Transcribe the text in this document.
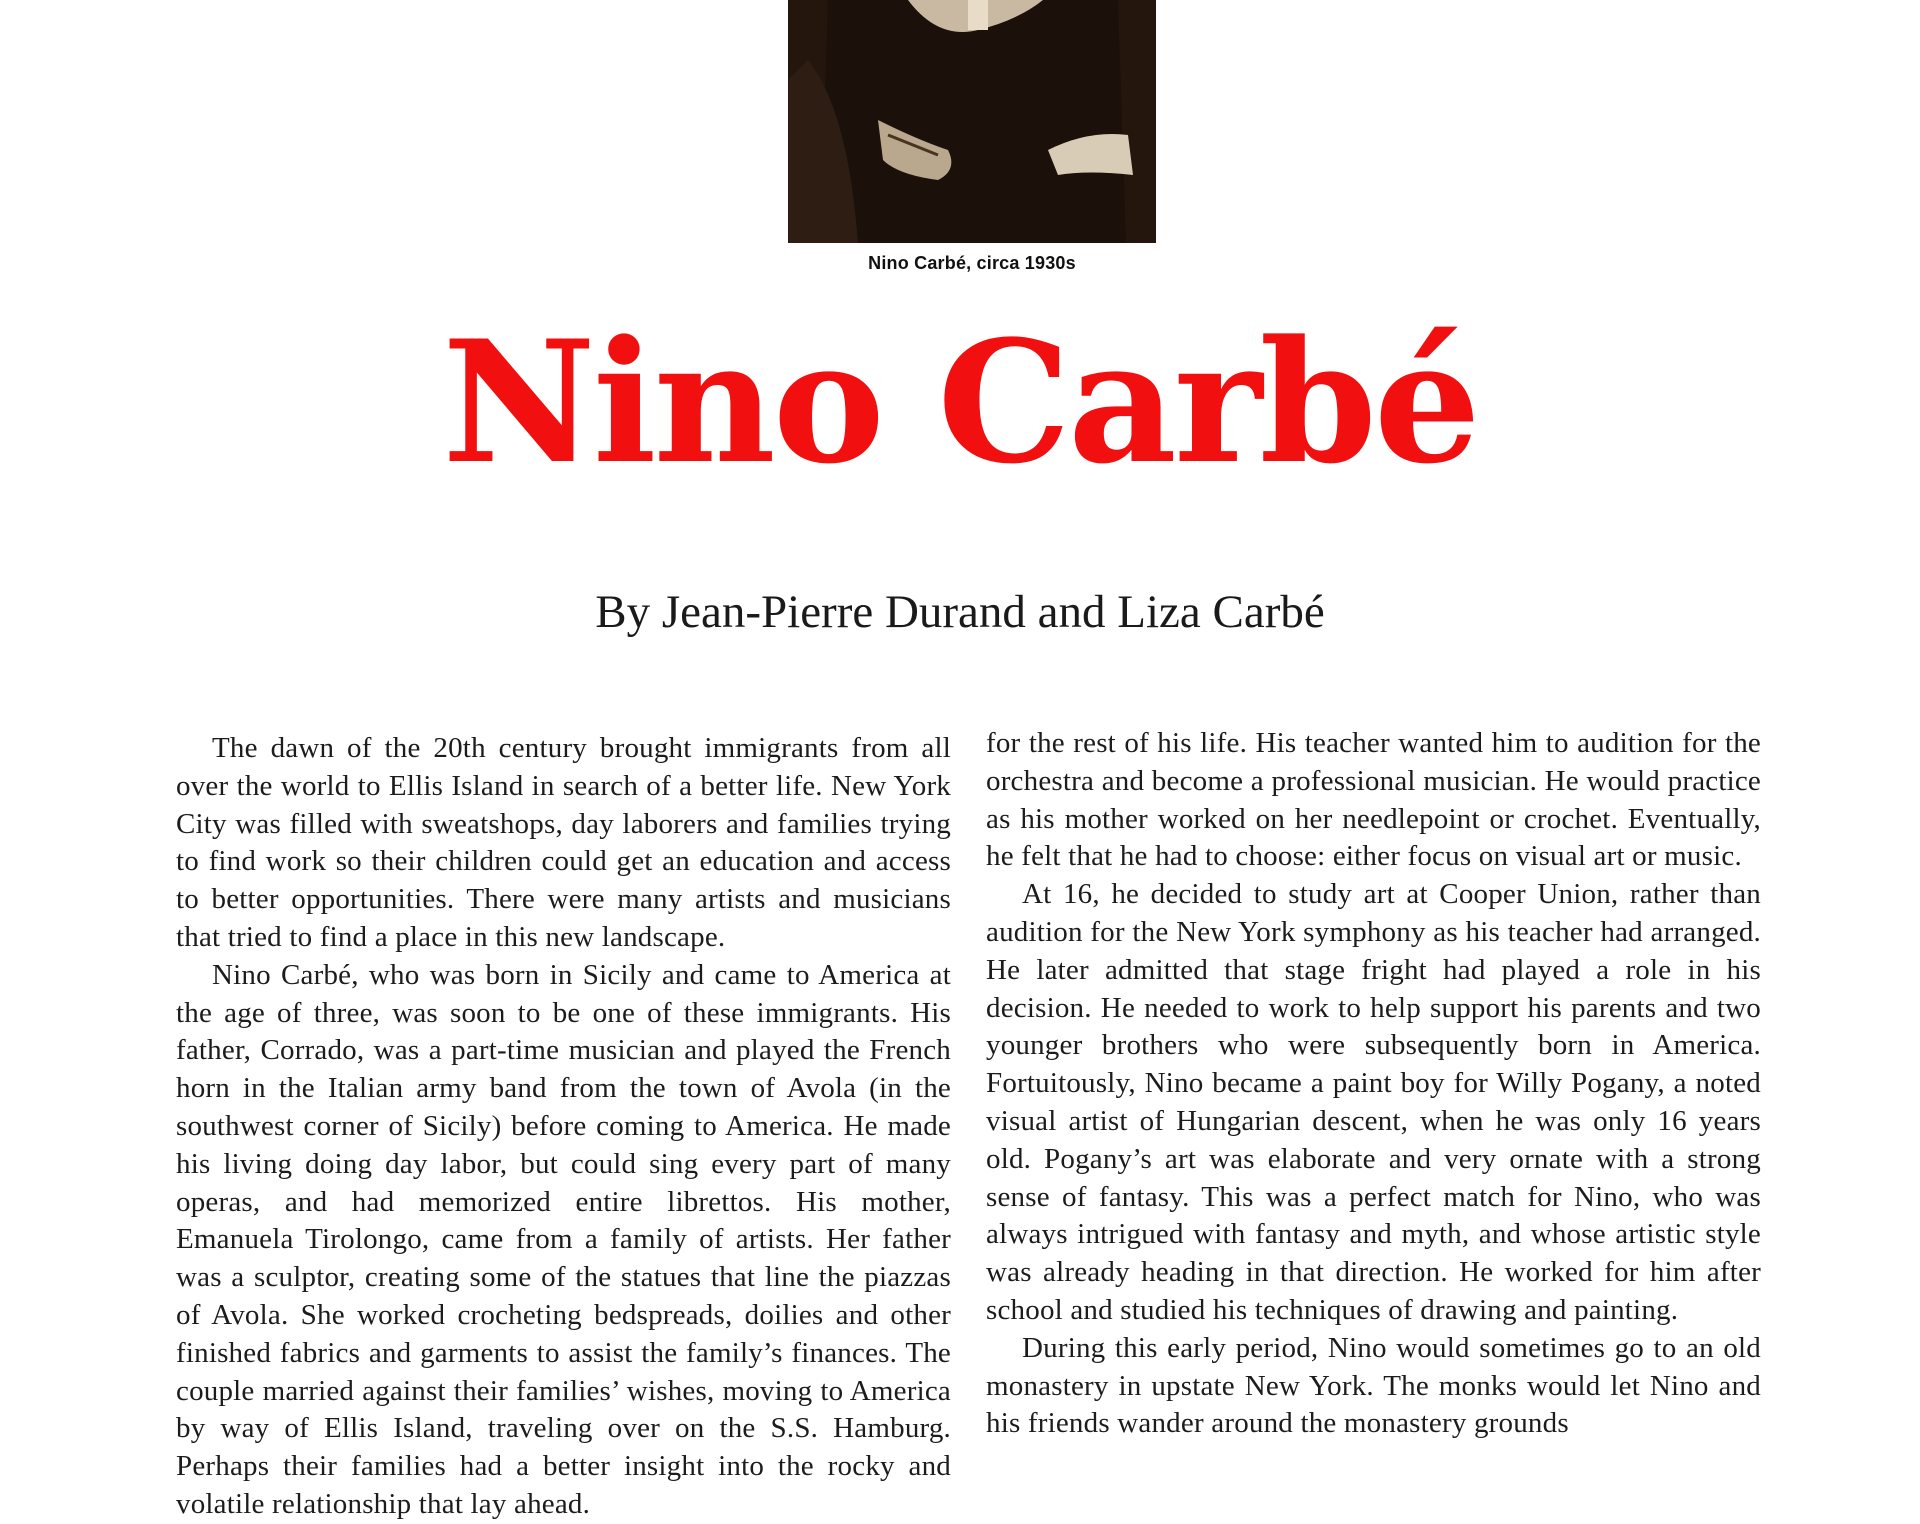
Nino Carbé, circa 1930s
Nino Carbé
By Jean-Pierre Durand and Liza Carbé

The dawn of the 20th century brought immigrants from all over the world to Ellis Island in search of a better life. New York City was filled with sweatshops, day laborers and families trying to find work so their children could get an education and access to better opportunities. There were many artists and musicians that tried to find a place in this new landscape.

Nino Carbé, who was born in Sicily and came to America at the age of three, was soon to be one of these immigrants. His father, Corrado, was a part-time musician and played the French horn in the Italian army band from the town of Avola (in the southwest corner of Sicily) before coming to America. He made his living doing day labor, but could sing every part of many operas, and had memorized entire librettos. His mother, Emanuela Tirolongo, came from a family of artists. Her father was a sculptor, creating some of the statues that line the piazzas of Avola. She worked crocheting bedspreads, doilies and other finished fabrics and garments to assist the family’s finances. The couple married against their families’ wishes, moving to America by way of Ellis Island, traveling over on the S.S. Hamburg. Perhaps their families had a better insight into the rocky and volatile relationship that lay ahead.

for the rest of his life. His teacher wanted him to audition for the orchestra and become a professional musician. He would practice as his mother worked on her needlepoint or crochet. Eventually, he felt that he had to choose: either focus on visual art or music.

At 16, he decided to study art at Cooper Union, rather than audition for the New York symphony as his teacher had arranged. He later admitted that stage fright had played a role in his decision. He needed to work to help support his parents and two younger brothers who were subsequently born in America. Fortuitously, Nino became a paint boy for Willy Pogany, a noted visual artist of Hungarian descent, when he was only 16 years old. Pogany’s art was elaborate and very ornate with a strong sense of fantasy. This was a perfect match for Nino, who was always intrigued with fantasy and myth, and whose artistic style was already heading in that direction. He worked for him after school and studied his techniques of drawing and painting.

During this early period, Nino would sometimes go to an old monastery in upstate New York. The monks would let Nino and his friends wander around the monastery grounds
